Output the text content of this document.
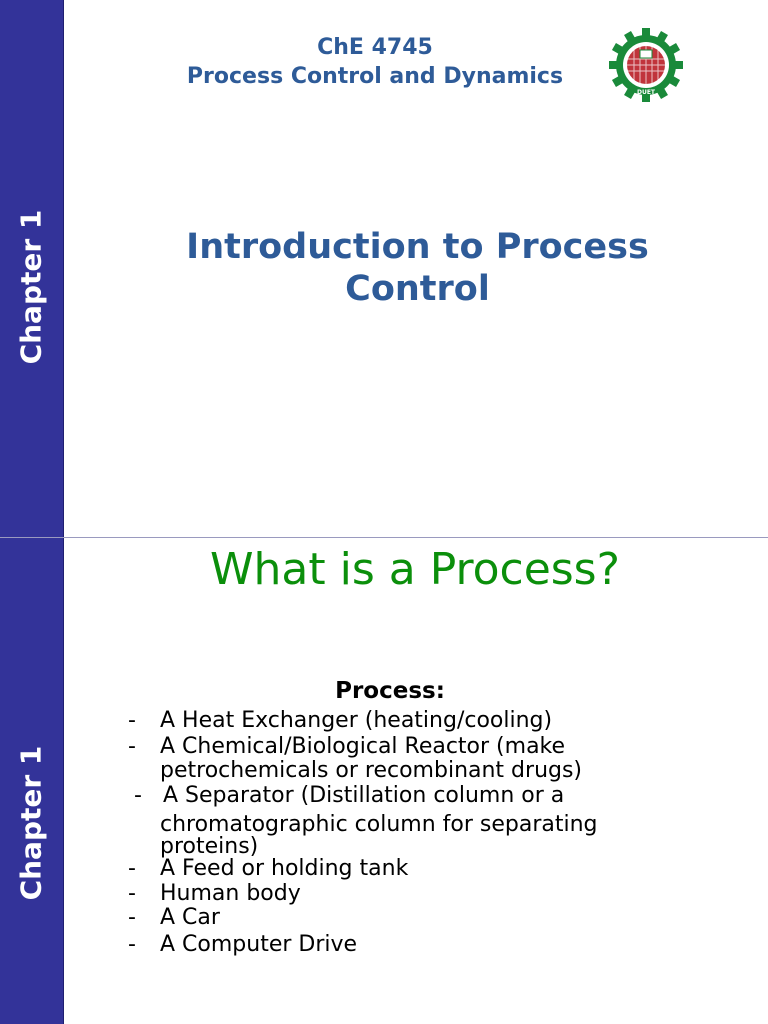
Chapter 1
ChE 4745
Process Control and Dynamics
DUET
Introduction to Process
Control
Chapter 1
What is a Process?
Process:
- A Heat Exchanger (heating/cooling)
- A Chemical/Biological Reactor (make
petrochemicals or recombinant drugs)
- A Separator (Distillation column or a
chromatographic column for separating
proteins)
- A Feed or holding tank
- Human body
- A Car
- A Computer Drive
